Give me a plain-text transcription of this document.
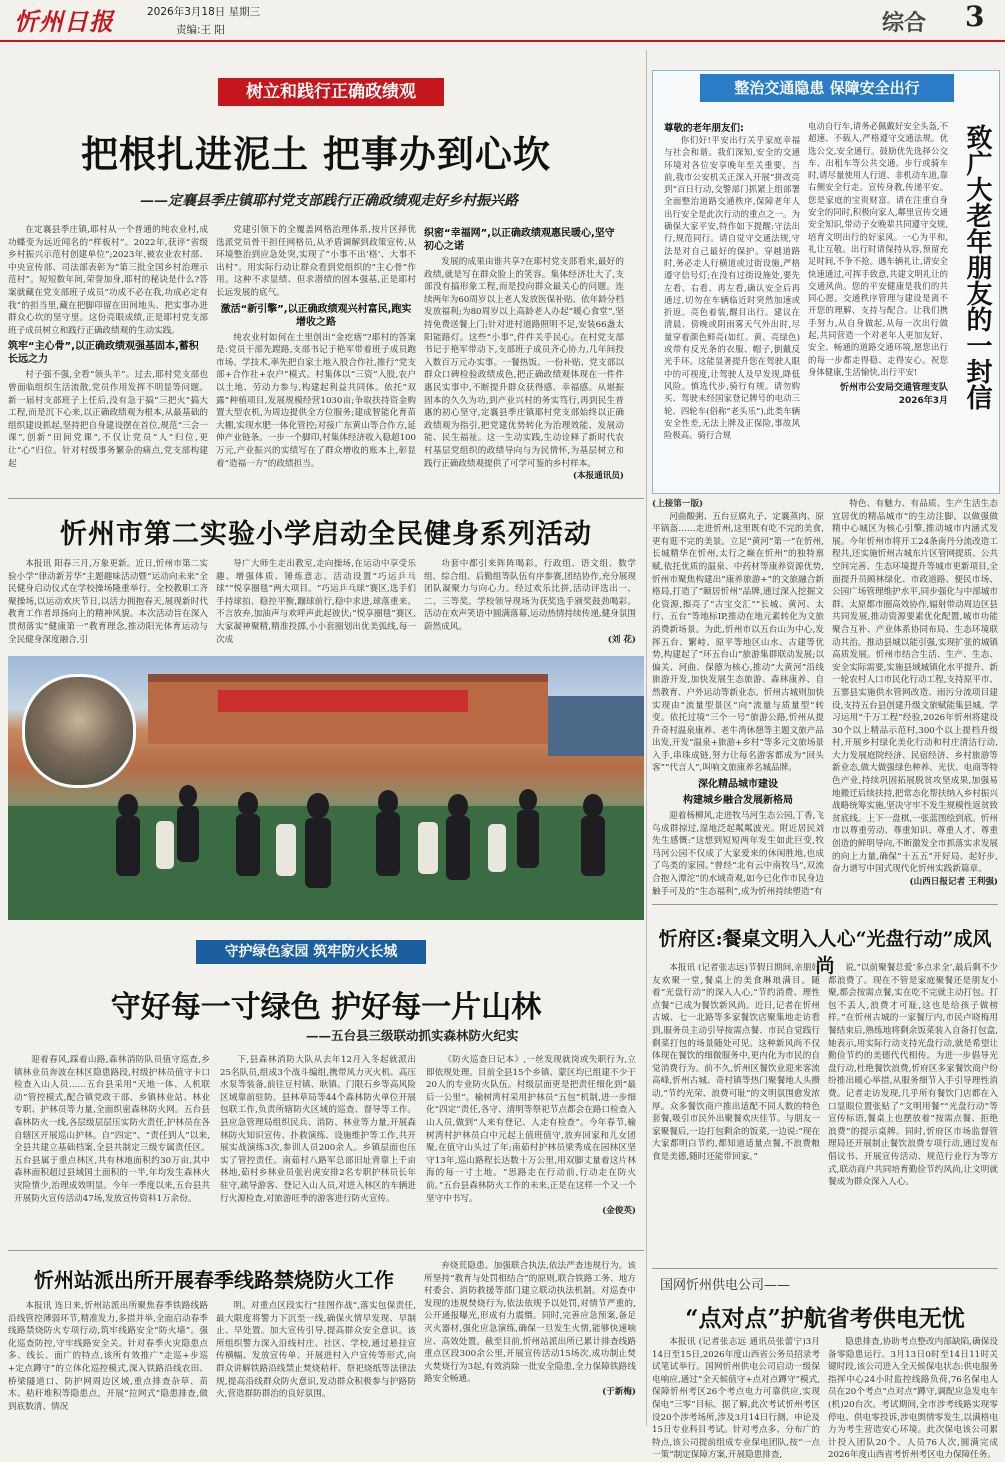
忻州日报	2026年3月18日 星期三
责编:王 阳	综合 3
树立和践行正确政绩观
把根扎进泥土 把事办到心坎
——定襄县季庄镇耶村党支部践行正确政绩观走好乡村振兴路

在定襄县季庄镇,耶村从一个普通的纯农业村,成功蝶变为远近闻名的“样板村”。2022年,获评“省级乡村振兴示范村创建单位”;2023年,被农业农村部、中央宣传部、司法部表彰为“第三批全国乡村治理示范村”。短短数年间,荣誉加身,耶村的秘诀是什么?答案就藏在党支部班子成员“功成不必在我,功成必定有我”的担当里,藏在把脚印留在田间地头、把实事办进群众心坎的坚守里。这份亮眼成绩,正是耶村党支部班子成员树立和践行正确政绩观的生动实践。

筑牢“主心骨”,以正确政绩观强基固本,蓄积长远之力

村子强不强,全看“领头羊”。过去,耶村党支部也曾面临组织生活流散,党员作用发挥不明显等问题。新一届村支部班子上任后,没有急于搞“三把火”搞大工程,而是沉下心来,以正确政绩观为根本,从最基础的组织建设抓起,坚持把自身建设摆在首位,规范“三会一课”,创新“田间党课”,不仅让党员“人”归位,更让“心”归位。针对村级事务繁杂的痛点,党支部构建起

党建引领下的全覆盖网格治理体系,按片区择优选派党员骨干担任网格员,从矛盾调解到政策宣传,从环境整治到应急处突,实现了“小事不出‘格’、大事不出村”。用实际行动让群众看到党组织的“主心骨”作用。这种不求显绩、但求潜绩的固本强基,正是耶村长远发展的底气。

激活“新引擎”,以正确政绩观兴村富民,跑实增收之路

纯农业村如何在土里创出“金疙瘩”?耶村的答案是:党员干部先蹚路,支部书记于艳军带着班子成员跑市场、学技术,率先把自家土地入股合作社,推行“党支部+合作社+农户”模式。村集体以“三资”入股,农户以土地、劳动力参与,构建起利益共同体。依托“双露”种植项目,发展规模经营1030亩;争取扶持资金购置大型农机,为周边提供全方位服务;建成智能化育苗大棚,实现水肥一体化管控;对接广东黄山等合作方,延伸产业链条。一步一个脚印,村集体经济收入稳超100万元,产业振兴的实绩写在了群众增收的账本上,彰显着“造福一方”的政绩担当。

织密“幸福网”,以正确政绩观惠民暖心,坚守初心之诺

发展的成果由谁共享?在耶村党支部看来,最好的政绩,就是写在群众脸上的笑容。集体经济壮大了,支部没有搞形象工程,而是投向群众最关心的问题。连续两年为60周岁以上老人发放医保补贴、依年龄分档发放福利;为80周岁以上高龄老人办起“暖心食堂”,坚持免费送餐上门;针对进村道路照明不足,安装66盏太阳能路灯。这些“小事”,件件关乎民心。在村党支部书记于艳军带动下,支部班子成员齐心协力,几年间投入数百万元办实事。一餐热饭、一份补贴、党支部以群众口碑检验政绩成色,把正确政绩观体现在一件件惠民实事中,不断提升群众获得感、幸福感。从堪振固本的久久为功,到产业兴村的务实笃行,再到民生普惠的初心坚守,定襄县季庄镇耶村党支部始终以正确政绩观为指引,把党建优势转化为治理效能、发展动能、民生福祉。这一生动实践,生动诠释了新时代农村基层党组织的政绩导向与为民情怀,为基层树立和践行正确政绩观提供了可学可鉴的乡村样本。

(本报通讯员)
整治交通隐患 保障安全出行
致广大老年朋友的一封信
尊敬的老年朋友们:

你们好!平安出行关乎家庭幸福与社会和谐。我们深知,安全的交通环境对各位安享晚年至关重要。当前,我市公安机关正深入开展“拼改亮到”百日行动,交警部门抓紧上组部署全面整治道路交通秩序,保障老年人出行安全是此次行动的重点之一。为确保大家平安,特作如下提醒:守法出行,规范同行。请自觉守交通法规,守法是对自己最好的保护。穿越道路时,务必走人行横道或过街设施,严格遵守信号灯;在没有过街设施处,要先左看、右看、再左看,确认安全后再通过,切勿在车辆临近时突然加速或折返。亮色着装,醒目出行。建议在清晨、傍晚或阴雨雾天气外出时,尽量穿着颜色鲜亮(如红、黄、亮绿色)或带有反光条的衣服、帽子,倒戴反光手环。这能显著提升您在驾驶人眼中的可视度,让驾驶人及早发现,降低风险。慎选代步,骑行有规。请勿购买、驾驶未经国家登记牌号的电动三轮、四轮车(俗称“老头乐”),此类车辆安全性差,无法上牌及正保险,事故风险极高。骑行合规

电动自行车,请务必佩戴好安全头盔,不超速、不载人,严格遵守交通法规。优选公交,安全通行。鼓励优先选择公交车、出租车等公共交通。步行或骑车时,请尽量使用人行道、非机动车道,靠右侧安全行走。宣传身教,传递平安。您是家庭的宝贵财富。请在注重自身安全的同时,积极向家人,鄰里宣传交通安全知识,带动子女晚辈共同遵守交规,培育文明出行的好家风。一心为平和,礼让互敬。出行时请保持从容,预留充足时间,不争不抢。遇车辆礼让,请安全快速通过,可挥手致意,共建文明礼让的交通风尚。您的平安健康是我们的共同心愿。交通秩序管理与建设是离不开您的理解、支持与配合。让我们携手努力,从自身做起,从每一次出行做起,共同营造一个对老年人更加友好、安全、畅通的道路交通环境,愿您出行的每一步都走得稳、走得安心。祝您身体健康,生活愉快,出行平安!

忻州市公安局交通管理支队
2026年3月
忻州市第二实验小学启动全民健身系列活动

本报讯 阳春三月,万象更新。近日,忻州市第二实验小学“律动新芳华”主题趣味活动暨“运动向未来”全民健身启动仪式在学校操场隆重举行。全校教职工齐聚操场,以运动欢庆节日,以活力拥抱春天,展现新时代教育工作者昂扬向上的精神风貌。本次活动旨在深入贯彻落实“健康第一”教育理念,推动阳光体育运动与全民健身深度融合,引

导广大师生走出教室,走向操场,在运动中享受乐趣、增强体质、锤炼意志。活动设置“巧运乒乓球”“悦享圈毯”两大项目。“巧运乒乓球”赛区,选手们手持球拍、稳控平衡,蹦球前行,稳中求进,球落重来、不言放弃,加油声与欢呼声此起彼伏;“悦享圈毯”赛区,大家凝神聚精,精准投掷,小小套圈划出优美弧线,每一次成

功套中都引来阵阵喝彩。行政组、语文组、数学组、综合组、后勤组等队伍有序参赛,团结协作,充分展现团队凝聚力与向心力。经过欢乐比拼,活动评选出一、二、三等奖。学校领导现场为获奖选手颁奖鼓劲喝彩。活动在欢声笑语中圆满落幕,运动热情持续传递,健身氛围蔚然成风。

(刘 花)
(上接第一版)

河曲酸粥、五台豆腐丸子、定襄蒸肉、原平锅盔……走进忻州,这里既有吃不完的美食,更有逛不完的美景。立足“黄河”第一“在忻州,长城精华在忻州,太行之巅在忻州”的独特禀赋,依托优质的温泉、中药材等康养资源优势,忻州市聚焦构建出“康养旅游+”的文旅融合新格局,打造了“颐居忻州”品牌,通过深入挖掘文化资源,擦亮了“古宝交汇”“长城、黄河、太行、五台”等地标IP,推动在地元素转化为文旅消费新场景。为此,忻州市以五台山为中心,发挥五台、繁峙、原平等地区山水、古建等优势,构建起了“环五台山”旅游集群联动发展;以偏关、河曲、保德为核心,推动“大黄河”沿线旅游开发,加快发展生态旅游、森林康养、自然教育、户外运动等新业态。忻州古城则加快实现由“流量型景区”向“流量与质量型”转变。依托过境“三个一号”旅游公路,忻州从提升奇村温泉康养、老牛湾休憩等主题文旅产品出发,开发“温泉+旅游+乡村”等多元文旅场景入手,串珠成链,努力让每名游客都成为“回头客”“代言人”,叫响文旅康养名城品牌。

深化精品城市建设
构建城乡融合发展新格局

迎着杨柳风,走进牧马河生态公园,丁香,飞鸟成群掠过,湿地泛起粼粼波光。附近居民刘先生感慨:“这想到短短两年发生如此巨变,牧马河公园不仅成了大家爱来的休闲胜地,也成了鸟类的家园。”曾经“北有云中南牧马”,双流合抱入潭沱”的水域奇观,如今已化作市民身边触手可及的“生态福利”,成为忻州持续塑造“有

特色、有魅力、有品质、生产生活生态宜居优的精品城市”的生动注脚。以做强做精中心城区为核心引擎,推动城市内涵式发展。今年忻州市将开工24条南丹分流改造工程共,还实施忻州古城东片区管网提质、公共空间完善、生态环境提升等城市更新项目,全面提升员顾林绿化、市政道路、便民市场、公园广场管理维护水平,同步强化与中部城市群、太原都市圈高效协作,辐射带动周边区县共同发展,推动资源要素优化配置,城市功能聚合互补、产业体系协同布局、生态环境联动共治。推动县城以能引强,实现扩张的城镇高质发展。忻州市结合生活、生产、生态、安全实际需要,实施县域城镇化水平提升、新一轮农村人口市民化行动工程,支持原平市、五寨县实施供水管网改造、雨污分流项目建设,支持五台县创建升级文旅赋能集县城。学习运用“千万工程”经验,2026年忻州将建设30个以上精品示范村,300个以上提档升级村,开展乡村绿化美化行动和村庄清洁行动,大力发展庭院经济、民宿经济、乡村旅游等新业态,做大做强绿色种养、光伏、电商等特色产业,持续巩固拓展脱贫攻坚成果,加强易地搬迁后续扶持,把常态化帮扶纳入乡村振兴战略统筹实施,坚决守牢不发生规模性返贫致贫底线。上下一盘棋,一张蓝图绘到底。忻州市以尊重劳动、尊重知识、尊重人才、尊重创造的鲜明导向,不断激发全市抓落实求发展的向上力量,确保“十五五”开好局、起好步,奋力谱写中国式现代化忻州实践新篇章。

(山西日报记者 王利强)
守护绿色家园 筑牢防火长城
守好每一寸绿色 护好每一片山林
——五台县三级联动抓实森林防火纪实

迎着春风,踩着山路,森林消防队员值守巡查,乡镇林业员奔波在林区隐患路段,村级护林员值守卡口检查入山人员……五台县采用“天地一体、人机联动”管控模式,配合镇党政干部、乡镇林业站、林业专职、护林员等力量,全面织密森林防火网。五台县森林防火一线,各层级层层压实防火责任,护林员在各自辖区开展巡山护林。自“四定”、“责任到人”以来,全县共建立基础档案,全县共制定三级专属责任区。五台县属于重点林区,共有林地面积约30万亩,其中森林面积超过县域国土面积的一半,年均发生森林火灾险情少,治理成效明显。今年一季度以来,五台县共开展防火宣传活动47场,发放宣传资料1万余份。

下,县森林消防大队从去年12月入冬起就派出25名队员,组成3个战斗编组,携带风力灭火机、高压水泵等装备,前往豆村镇、耿镇、门限石乡等高风险区域靠前驻防。县林草局等44个森林防火单位开展包联工作,负责所辖防火区域的巡查、督导等工作。县应急管理局组织民兵、消防、林业等力量,开展森林防火知识宣传、扑救演练、设施维护等工作,共开展实战演练3次,参训人员200余人。乡镇层面也压实了管控责任。南茹村八路军总部旧址背靠上千亩林地,茹村乡林业员张岩虎安排2名专职护林员长年驻守,疏导游客、登记入山人员,对进入林区的车辆进行火源检查,对旅游旺季的游客进行防火宣传。

《防火巡查日记本》,一丝发现就岗或失职行为,立即依规处理。目前全县15个乡镇、蒙区均已组建不少于20人的专业防火队伍。村级层面更是把责任细化到“最后一公里”。榆树湾村采用护林员“五包”机制,进一步细化“四定”责任,各守、清明等祭祀节点都会在路口检查入山人员,做到“人来有登记、人走有检查”。今年春节,榆树湾村护林员白中元起上值班值守,放弃回家和儿女团聚,在值守山头过了年;南茹村护林员梁秀成在园林区坚守13年,巡山路程长达数十万公里,用双脚丈量着这片林海的每一寸土地。“思路走在行动前,行动走在防火前。”五台县森林防火工作的未来,正是在这样一个又一个坚守中书写。

(金俊英)
忻州站派出所开展春季线路禁烧防火工作

本报讯 连日来,忻州站派出所聚焦春季铁路线路沿线管控薄弱环节,精准发力,多措并举,全面启动春季线路禁烧防火专项行动,筑牢线路安全“防火墙”。强化巡查防控,守牢线路安全关。针对春季火灾隐患点多、线长、面广的特点,该所有效推广“走巡+步巡+定点蹲守”的立体化巡控模式,深入铁路沿线农田、桥梁隧道口、防护网周边区域,重点排查杂草、苗木、秸秆堆积等隐患点。开展“拉网式”隐患排查,做到底数清、情况

明。对重点区段实行“挂图作战”,落实包保责任,最大限度将警力下沉至一线,确保火情早发现、早制止、早处置。加大宣传引导,提高群众安全意识。该所组织警力深入沿线村庄、社区、学校,通过悬挂宣传横幅、发放宣传单、开展进村入户宣传等形式,向群众讲解铁路沿线禁止焚烧秸秆、祭祀烧纸等法律法规,提高沿线群众防火意识,发动群众积极参与护路防火,营造群防群治的良好氛围。

弃烧荒隐患。加强联合执法,依法严查违规行为。该所坚持“教育与处罚相结合”的原则,联合铁路工务、地方村委会、消防救援等部门建立联动执法机制。对巡查中发现的违规焚烧行为,依法依规予以处罚,对情节严重的,公开通报曝光,形成有力震慑。同时,完善应急预案,备足灭火器材,强化应急演练,确保一旦发生火情,能够快速响应、高效处置。截至目前,忻州站派出所已累计排查线路重点区段300余公里,开展宣传活动15场次,成功制止焚火焚烧行为3起,有效消除一批安全隐患,全力保障铁路线路安全畅通。

(于新梅)
忻府区:餐桌文明入人心“光盘行动”成风尚

本报讯 (记者张志远)节假日期间,亲朋好友欢聚一堂,餐桌上的美食琳琅满目。随着“光盘行动”的深入人心,“节约消费、理性点餐”已成为餐饮新风尚。近日,记者在忻州古城、七一北路等多家餐饮店聚集地走访看到,服务员主动引导按需点餐、市民自觉践行剩菜打包的场景随处可见。这种新风尚不仅体现在餐饮的细微服务中,更内化为市民的自觉消费行为。前不久,忻州区餐饮业迎来客流高峰,忻州古城、奇村镇等热门聚餐地人头攒动,“节约光荣、浪费可耻”的文明氛围愈发浓厚。众多餐饮商户推出适配不同人数的特色套餐,吸引市民外出聚餐欢庆佳节。与朋友一家聚餐后,一边打包剩余的饭菜,一边说:“现在大家都明白节约,都知道适量点餐,不浪费粮食是美德,随时还能带回家。”

说,“以前聚餐总爱‘多点求全’,最后剩不少都浪费了。现在不管是家庭聚餐还是朋友小聚,都会按需点餐,实在吃不完就主动打包。打包不丢人,浪费才可耻,这也是给孩子做榜样。”在忻州古城的一家餐厅内,市民卢晓梅用餐结束后,熟练地将剩余饭菜装入自备打包盒,她表示,用实际行动支持光盘行动,就是希望让勤俭节约的美德代代相传。为进一步倡导光盘行动,杜绝餐饮浪费,忻府区多家餐饮商户纷纷推出暖心举措,从服务细节入手引导理性消费。记者走访发现,几乎所有餐饮门店都在入口显眼位置张贴了“文明用餐”“光盘行动”等宣传标语,餐桌上也摆放着“按需点餐、拒绝浪费”的提示桌牌。同时,忻府区市场监督管理局还开展制止餐饮浪费专项行动,通过发布倡议书、开展宣传活动、规范行业行为等方式,联动商户共同培育勤俭节约风尚,让文明就餐成为群众深入人心。

国网忻州供电公司——
“点对点”护航省考供电无忧

本报讯 (记者张志远 通讯员张蕾宁)3月14日至15日,2026年度山西省公务员招录考试笔试举行。国网忻州供电公司启动一级保电响应,通过“全天候值守+点对点蹲守”模式,保障忻州考区26个考点电力可靠供应,实现保电“三零”目标。据了解,此次考试忻州考区设20个涉考场所,涉及3月14日行测、申论及15日专业科目考试。针对考点多、分布广的特点,该公司提前组成专业保电团队,按“一点一策”制定保障方案,开展隐患排查,

隐患排查,协助考点整改内部缺陷,确保设备零隐患运行。3月13日0时至14日11时关键时段,该公司进入全天候保电状态:供电服务指挥中心24小时监控线路负荷,76名保电人员在20个考点“点对点”蹲守,调配应急发电车(机)20台次。考试期间,全市涉考线路实现零停电、供电零投诉,涉电舆情零发生,以满格电力为考生营造安心环境。此次保电该公司累计投入团队20个、人员76人次,圆满完成2026年度山西省考忻州考区电力保障任务。
